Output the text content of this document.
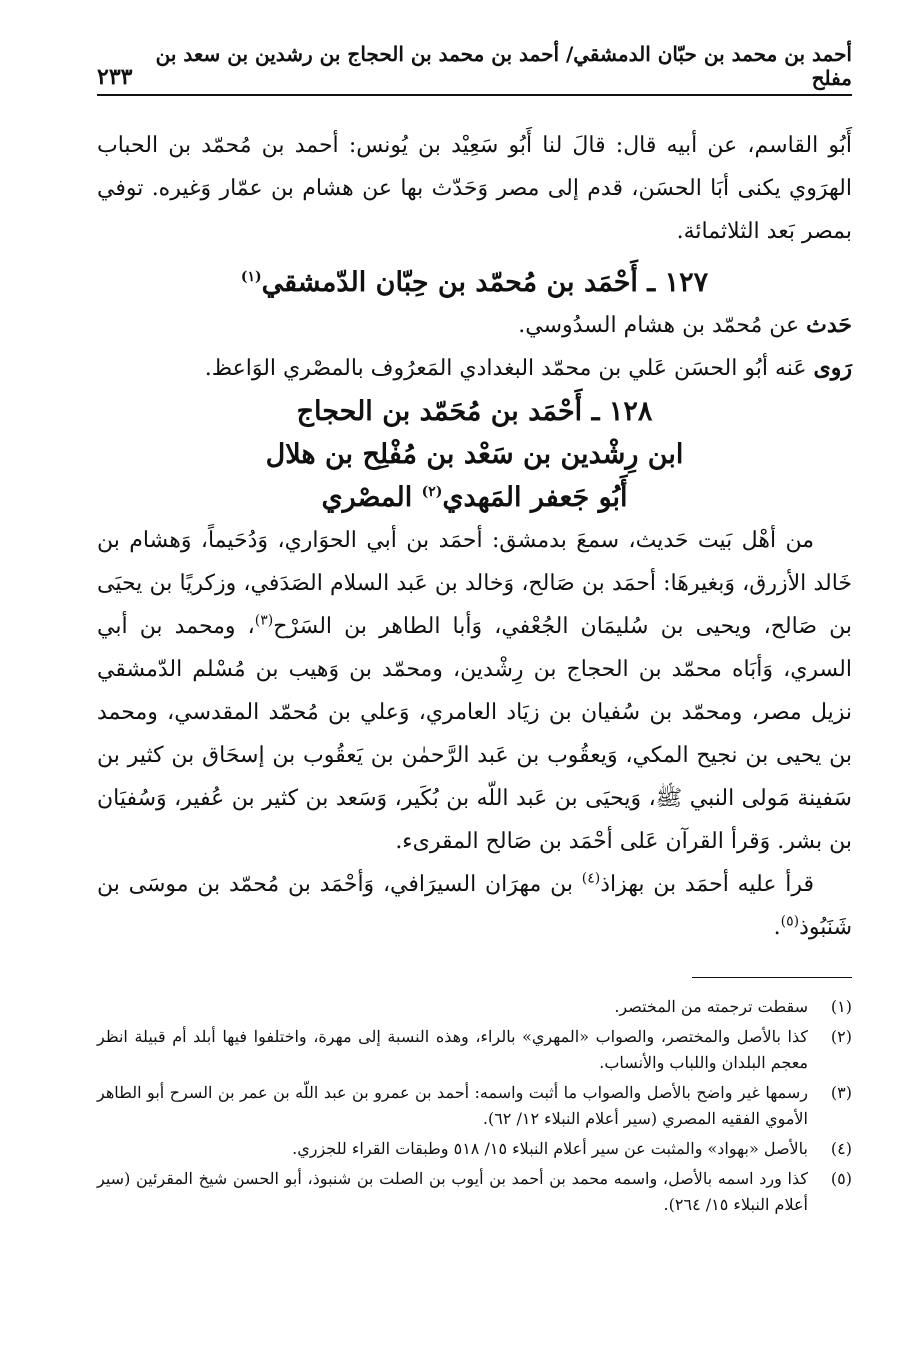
أحمد بن محمد بن حبّان الدمشقي/ أحمد بن محمد بن الحجاج بن رشدين بن سعد بن مفلح
٢٣٣

أَبُو القاسم، عن أبيه قال: قالَ لنا أَبُو سَعِيْد بن يُونس: أحمد بن مُحمّد بن الحباب الهرَوي يكنى أبَا الحسَن، قدم إلى مصر وَحَدّث بها عن هشام بن عمّار وَغيره. توفي بمصر بَعد الثلاثمائة.

١٢٧ ـ أَحْمَد بن مُحمّد بن حِبّان الدّمشقي$^{(١)}$

حَدث عن مُحمّد بن هشام السدُوسي.

رَوى عَنه أبُو الحسَن عَلي بن محمّد البغدادي المَعرُوف بالمصْري الوَاعظ.

١٢٨ ـ أَحْمَد بن مُحَمّد بن الحجاج
ابن رِشْدين بن سَعْد بن مُفْلِح بن هلال
أَبُو جَعفر المَهدي$^{(٢)}$ المصْري

من أهْل بَيت حَديث، سمعَ بدمشق: أحمَد بن أبي الحوَاري، وَدُحَيماً، وَهشام بن خَالد الأزرق، وَبغيرهَا: أحمَد بن صَالح، وَخالد بن عَبد السلام الصَدَفي، وزكريًا بن يحيَى بن صَالح، ويحيى بن سُليمَان الجُعْفي، وَأبا الطاهر بن السَرْح$^{(٣)}$، ومحمد بن أبي السري، وَأبَاه محمّد بن الحجاج بن رِشْدين، ومحمّد بن وَهيب بن مُسْلم الدّمشقي نزيل مصر، ومحمّد بن سُفيان بن زيَاد العامري، وَعلي بن مُحمّد المقدسي، ومحمد بن يحيى بن نجيح المكي، وَيعقُوب بن عَبد الرَّحمٰن بن يَعقُوب بن إسحَاق بن كثير بن سَفينة مَولى النبي ﷺ، وَيحيَى بن عَبد اللّه بن بُكَير، وَسَعد بن كثير بن عُفير، وَسُفيَان بن بشر. وَقرأ القرآن عَلى أحْمَد بن صَالح المقرىء.

قرأ عليه أحمَد بن بهزاذ$^{(٤)}$ بن مهرَان السيرَافي، وَأحْمَد بن مُحمّد بن موسَى بن شَنَبُوذ$^{(٥)}$.

(١)
سقطت ترجمته من المختصر.
(٢)
كذا بالأصل والمختصر، والصواب «المهري» بالراء، وهذه النسبة إلى مهرة، واختلفوا فيها أبلد أم قبيلة انظر معجم البلدان واللباب والأنساب.
(٣)
رسمها غير واضح بالأصل والصواب ما أثبت واسمه: أحمد بن عمرو بن عبد اللّه بن عمر بن السرح أبو الطاهر الأموي الفقيه المصري (سير أعلام النبلاء ١٢/ ٦٢).
(٤)
بالأصل «بهواد» والمثبت عن سير أعلام النبلاء ١٥/ ٥١٨ وطبقات القراء للجزري.
(٥)
كذا ورد اسمه بالأصل، واسمه محمد بن أحمد بن أيوب بن الصلت بن شنبوذ، أبو الحسن شيخ المقرئين (سير أعلام النبلاء ١٥/ ٢٦٤).
